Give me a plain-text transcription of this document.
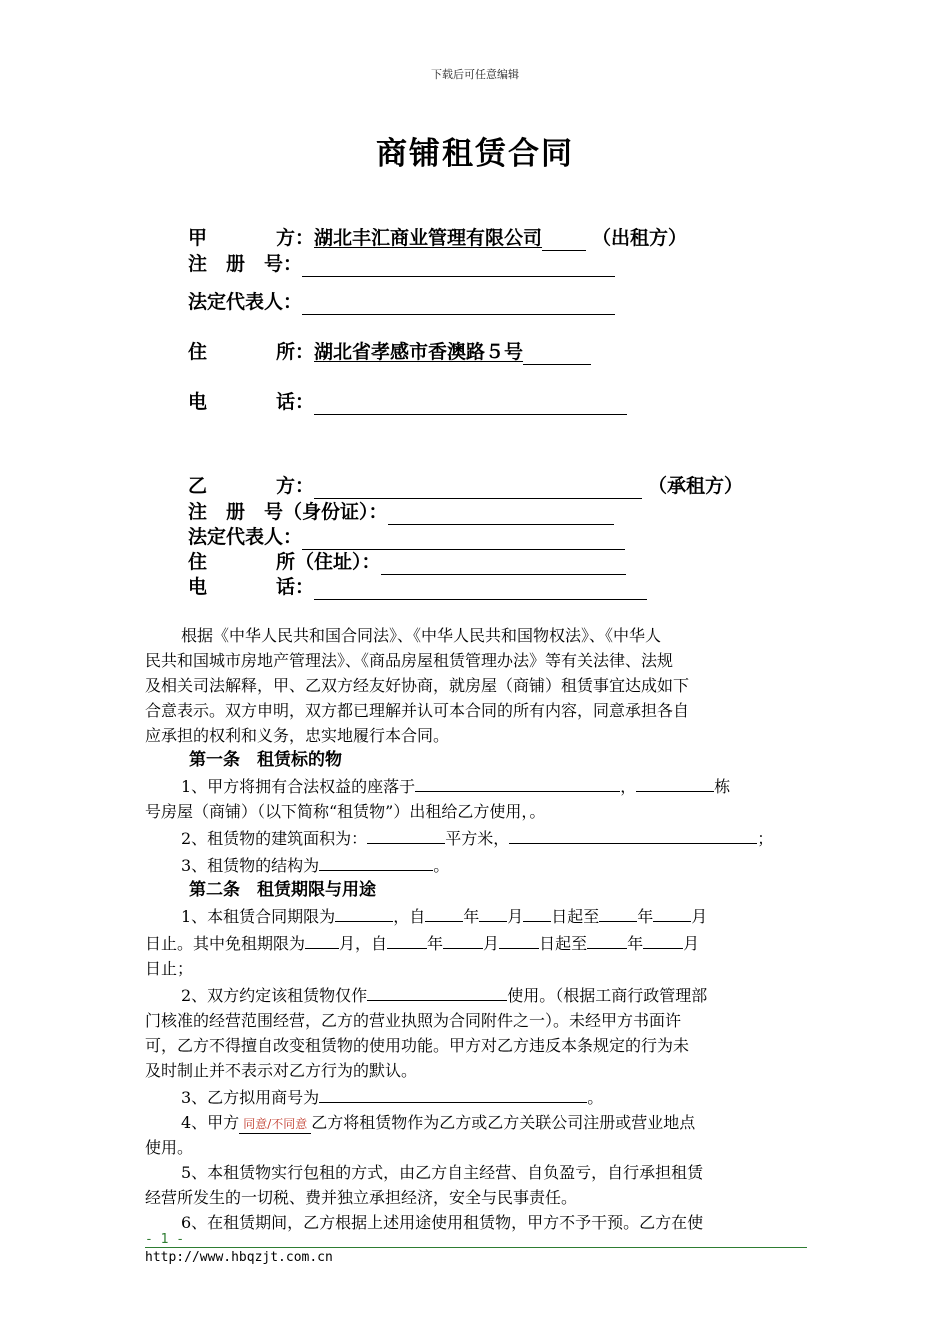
下载后可任意编辑
商铺租赁合同
甲	方：湖北丰汇商业管理有限公司	（出租方）
注　册　号：
法定代表人：
住	所：湖北省孝感市香澳路５号
电	话：
乙	方：	（承租方）
注　册　号（身份证）：
法定代表人：
住	所（住址）：
电	话：

根据《中华人民共和国合同法》、《中华人民共和国物权法》、《中华人

民共和国城市房地产管理法》、《商品房屋租赁管理办法》等有关法律、法规

及相关司法解释，甲、乙双方经友好协商，就房屋（商铺）租赁事宜达成如下

合意表示。双方申明，双方都已理解并认可本合同的所有内容，同意承担各自

应承担的权利和义务，忠实地履行本合同。

第一条　租赁标的物

1、甲方将拥有合法权益的座落于	，	栋

号房屋（商铺）（以下简称“租赁物”）出租给乙方使用，。

2、租赁物的建筑面积为：	平方米，	；

3、租赁物的结构为	。

第二条　租赁期限与用途

1、本租赁合同期限为	，自 年 月 日起至 年 月

日止。其中免租期限为 月，自	年	月	日起至	年	月

日止；

2、双方约定该租赁物仅作	使用。（根据工商行政管理部

门核准的经营范围经营，乙方的营业执照为合同附件之一）。未经甲方书面许

可，乙方不得擅自改变租赁物的使用功能。甲方对乙方违反本条规定的行为未

及时制止并不表示对乙方行为的默认。

3、乙方拟用商号为	。

4、甲方 同意/不同意 乙方将租赁物作为乙方或乙方关联公司注册或营业地点

使用。

5、本租赁物实行包租的方式，由乙方自主经营、自负盈亏，自行承担租赁

经营所发生的一切税、费并独立承担经济，安全与民事责任。

6、在租赁期间，乙方根据上述用途使用租赁物，甲方不予干预。乙方在使

- 1 -
http://www.hbqzjt.com.cn
